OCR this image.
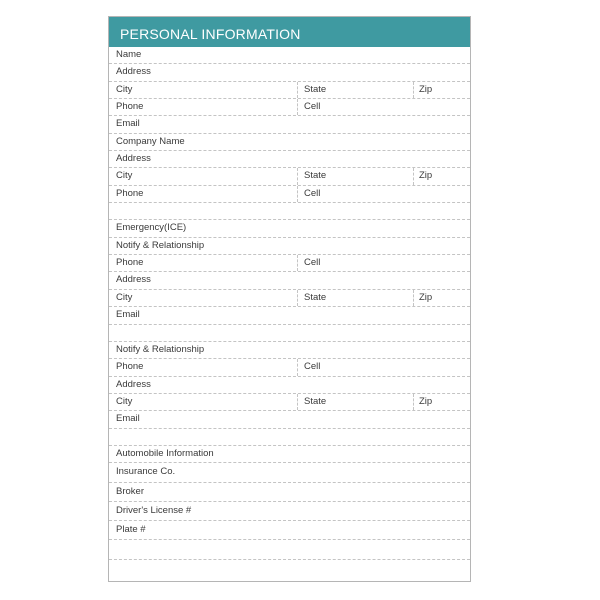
PERSONAL INFORMATION
Name
Address
City	State	Zip
Phone	Cell
Email
Company Name
Address
City	State	Zip
Phone	Cell
Emergency(ICE)
Notify & Relationship
Phone	Cell
Address
City	State	Zip
Email
Notify & Relationship
Phone	Cell
Address
City	State	Zip
Email
Automobile Information
Insurance Co.
Broker
Driver's License #
Plate #
